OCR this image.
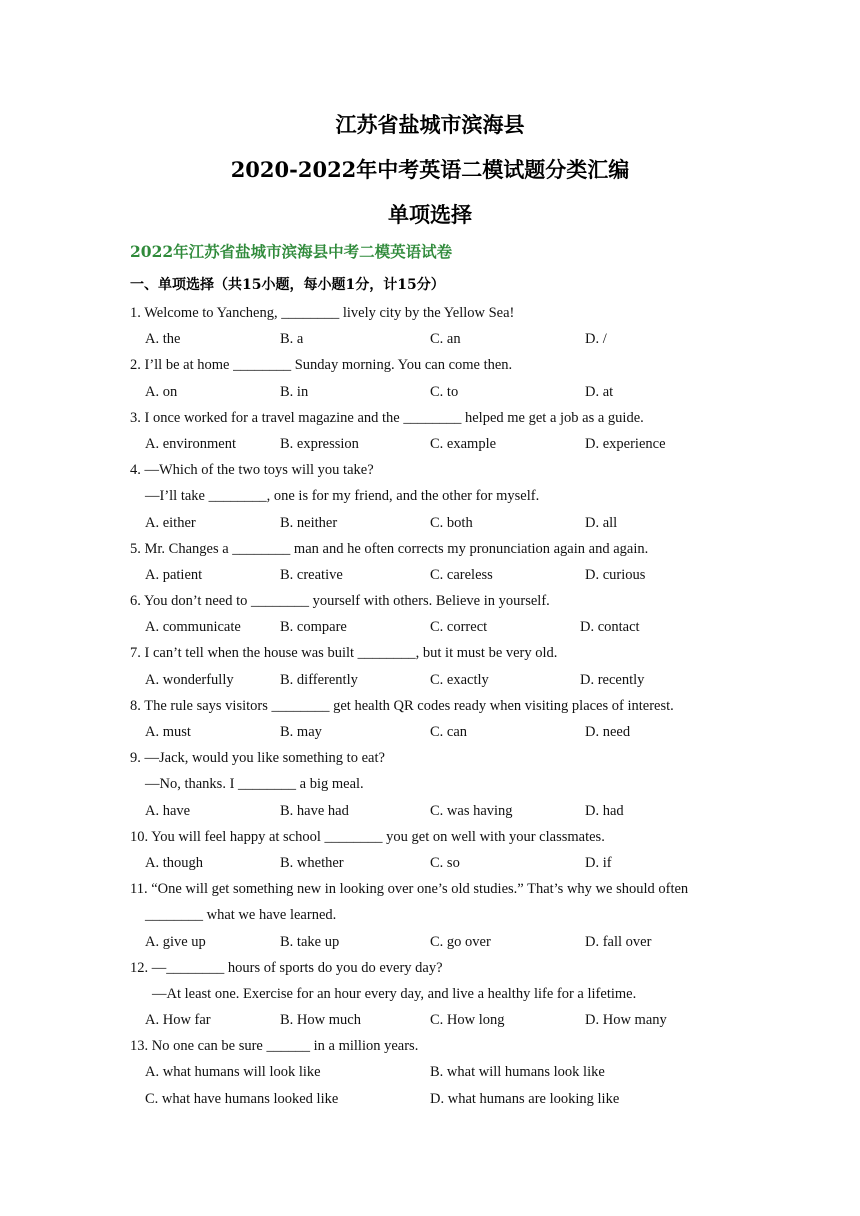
江苏省盐城市滨海县
2020-2022年中考英语二模试题分类汇编
单项选择
2022年江苏省盐城市滨海县中考二模英语试卷
一、单项选择（共15小题，每小题1分，计15分）
1. Welcome to Yancheng, ________ lively city by the Yellow Sea!
A. the	B. a	C. an	D. /
2. I’ll be at home ________ Sunday morning. You can come then.
A. on	B. in	C. to	D. at
3. I once worked for a travel magazine and the ________ helped me get a job as a guide.
A. environment	B. expression	C. example	D. experience
4. —Which of the two toys will you take?
—I’ll take ________, one is for my friend, and the other for myself.
A. either	B. neither	C. both	D. all
5. Mr. Changes a ________ man and he often corrects my pronunciation again and again.
A. patient	B. creative	C. careless	D. curious
6. You don’t need to ________ yourself with others. Believe in yourself.
A. communicate	B. compare	C. correct	D. contact
7. I can’t tell when the house was built ________, but it must be very old.
A. wonderfully	B. differently	C. exactly	D. recently
8. The rule says visitors ________ get health QR codes ready when visiting places of interest.
A. must	B. may	C. can	D. need
9. —Jack, would you like something to eat?
—No, thanks. I ________ a big meal.
A. have	B. have had	C. was having	D. had
10. You will feel happy at school ________ you get on well with your classmates.
A. though	B. whether	C. so	D. if
11. “One will get something new in looking over one’s old studies.” That’s why we should often
________ what we have learned.
A. give up	B. take up	C. go over	D. fall over
12. —________ hours of sports do you do every day?
—At least one. Exercise for an hour every day, and live a healthy life for a lifetime.
A. How far	B. How much	C. How long	D. How many
13. No one can be sure ______ in a million years.
A. what humans will look like	B. what will humans look like
C. what have humans looked like	D. what humans are looking like
